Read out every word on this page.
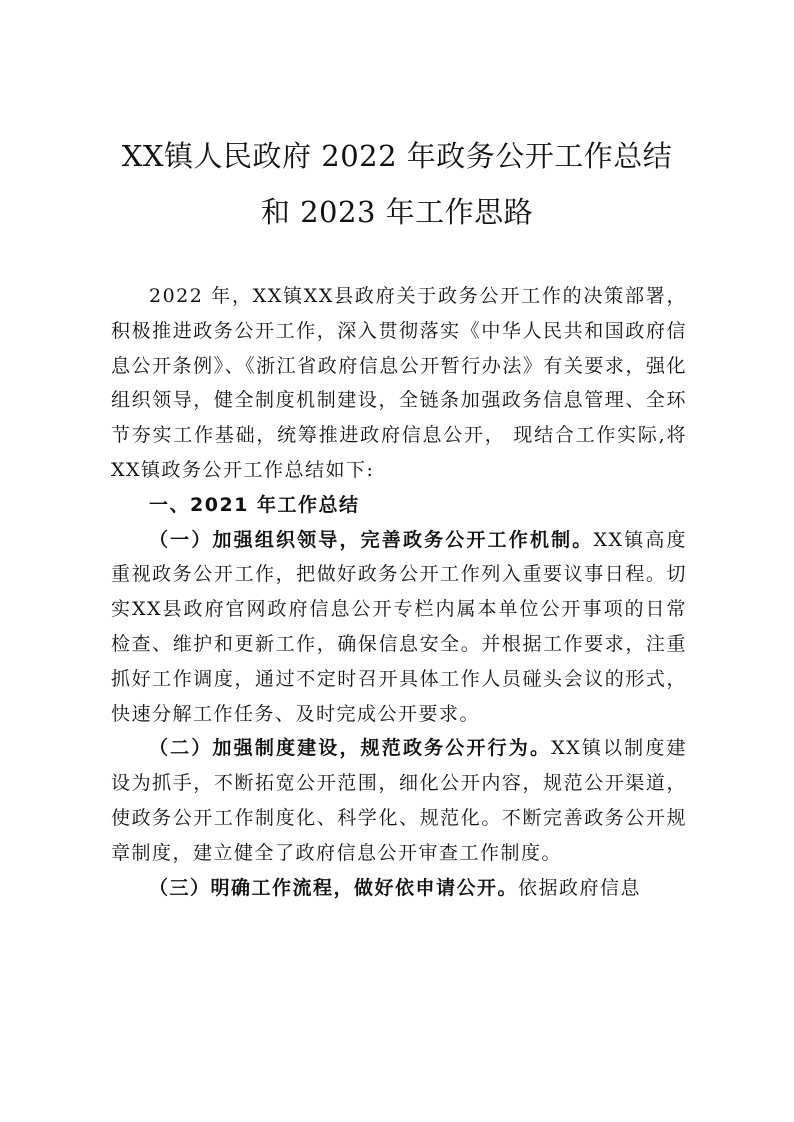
XX镇人民政府 2022 年政务公开工作总结
和 2023 年工作思路

2022 年，XX镇XX县政府关于政务公开工作的决策部署，积极推进政务公开工作，深入贯彻落实《中华人民共和国政府信息公开条例》、《浙江省政府信息公开暂行办法》有关要求，强化组织领导，健全制度机制建设，全链条加强政务信息管理、全环节夯实工作基础，统筹推进政府信息公开， 现结合工作实际,将XX镇政务公开工作总结如下:

一、2021 年工作总结

（一）加强组织领导，完善政务公开工作机制。XX镇高度重视政务公开工作，把做好政务公开工作列入重要议事日程。切实XX县政府官网政府信息公开专栏内属本单位公开事项的日常检查、维护和更新工作，确保信息安全。并根据工作要求，注重抓好工作调度，通过不定时召开具体工作人员碰头会议的形式，快速分解工作任务、及时完成公开要求。

（二）加强制度建设，规范政务公开行为。XX镇以制度建设为抓手，不断拓宽公开范围，细化公开内容，规范公开渠道，使政务公开工作制度化、科学化、规范化。不断完善政务公开规章制度，建立健全了政府信息公开审查工作制度。

（三）明确工作流程，做好依申请公开。依据政府信息
